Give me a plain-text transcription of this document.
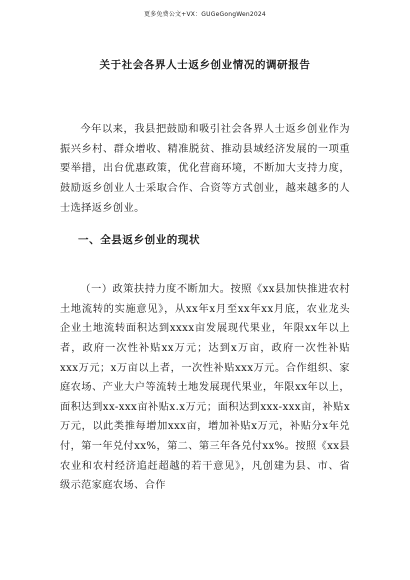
更多免费公文+VX：GUGeGongWen2024
关于社会各界人士返乡创业情况的调研报告

今年以来，我县把鼓励和吸引社会各界人士返乡创业作为振兴乡村、群众增收、精准脱贫、推动县域经济发展的一项重要举措，出台优惠政策，优化营商环境，不断加大支持力度，鼓励返乡创业人士采取合作、合资等方式创业，越来越多的人士选择返乡创业。

一、全县返乡创业的现状

（一）政策扶持力度不断加大。按照《xx县加快推进农村土地流转的实施意见》，从xx年x月至xx年xx月底，农业龙头企业土地流转面积达到xxxx亩发展现代果业，年限xx年以上者，政府一次性补贴xx万元；达到x万亩，政府一次性补贴xxx万元；x万亩以上者，一次性补贴xxx万元。合作组织、家庭农场、产业大户等流转土地发展现代果业，年限xx年以上，面积达到xx-xxx亩补贴x.x万元；面积达到xxx-xxx亩，补贴x万元，以此类推每增加xxx亩，增加补贴x万元，补贴分x年兑付，第一年兑付xx%，第二、第三年各兑付xx%。按照《xx县农业和农村经济追赶超越的若干意见》，凡创建为县、市、省级示范家庭农场、合作
